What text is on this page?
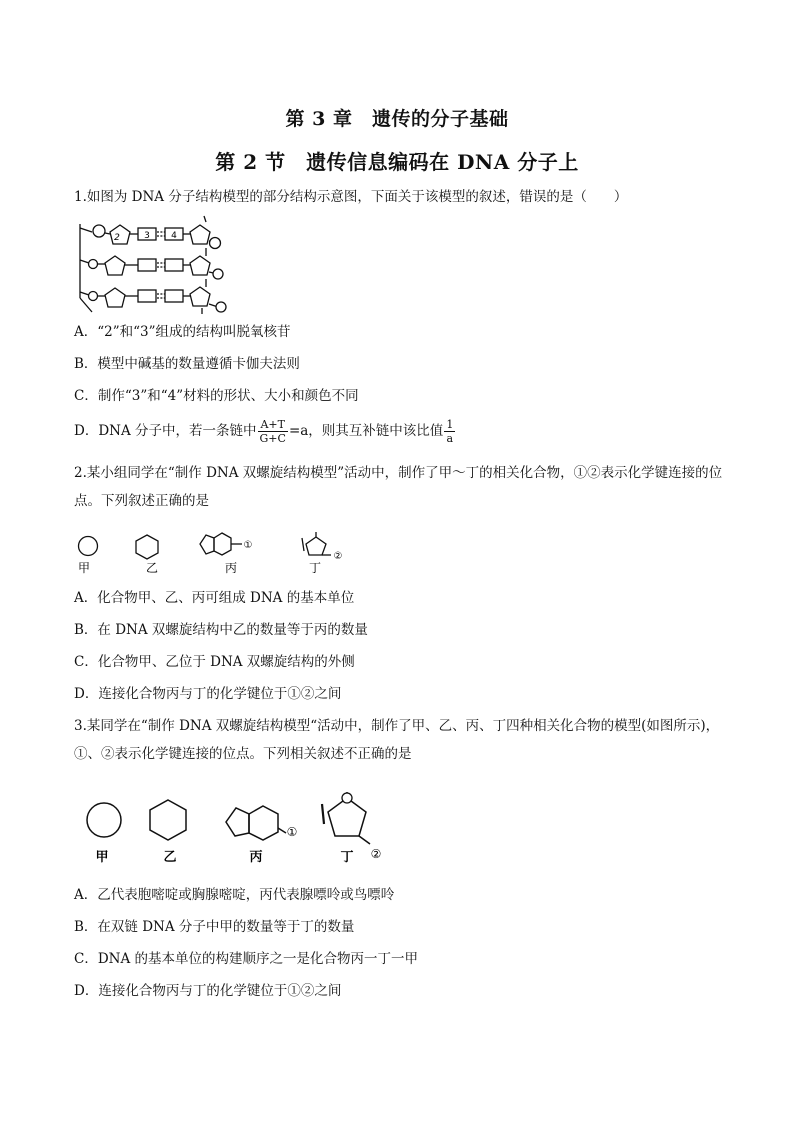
第 3 章　遗传的分子基础
第 2 节　遗传信息编码在 DNA 分子上
1.如图为 DNA 分子结构模型的部分结构示意图，下面关于该模型的叙述，错误的是（　　）
2	3 4
A．“2”和“3”组成的结构叫脱氧核苷
B．模型中碱基的数量遵循卡伽夫法则
C．制作“3”和“4”材料的形状、大小和颜色不同
D．DNA 分子中，若一条链中 $\frac{A+T}{G+C} =a$，则其互补链中该比值 $\frac{1}{a}$
2.某小组同学在“制作 DNA 双螺旋结构模型”活动中，制作了甲～丁的相关化合物，①②表示化学键连接的位点。下列叙述正确的是
①
②
甲	乙	丙	丁
A．化合物甲、乙、丙可组成 DNA 的基本单位
B．在 DNA 双螺旋结构中乙的数量等于丙的数量
C．化合物甲、乙位于 DNA 双螺旋结构的外侧
D．连接化合物丙与丁的化学键位于①②之间
3.某同学在“制作 DNA 双螺旋结构模型“活动中，制作了甲、乙、丙、丁四种相关化合物的模型(如图所示)，①、②表示化学键连接的位点。下列相关叙述不正确的是
①
②
甲	乙	丙	丁
A．乙代表胞嘧啶或胸腺嘧啶，丙代表腺嘌呤或鸟嘌呤
B．在双链 DNA 分子中甲的数量等于丁的数量
C．DNA 的基本单位的构建顺序之一是化合物丙一丁一甲
D．连接化合物丙与丁的化学键位于①②之间
